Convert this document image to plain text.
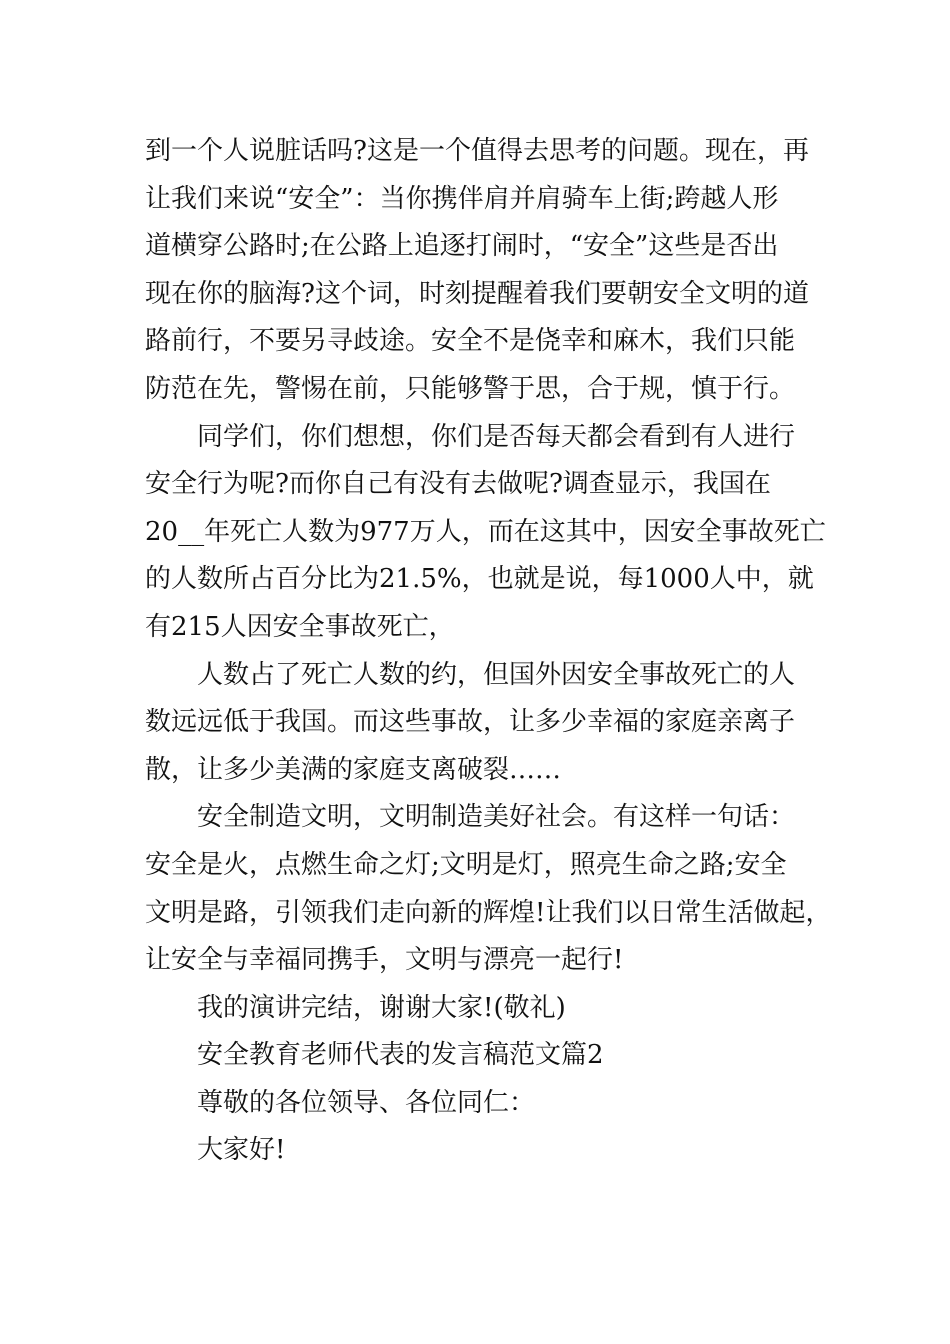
到一个人说脏话吗?这是一个值得去思考的问题。现在，再
让我们来说“安全”：当你携伴肩并肩骑车上街;跨越人形
道横穿公路时;在公路上追逐打闹时，“安全”这些是否出
现在你的脑海?这个词，时刻提醒着我们要朝安全文明的道
路前行，不要另寻歧途。安全不是侥幸和麻木，我们只能
防范在先，警惕在前，只能够警于思，合于规，慎于行。

同学们，你们想想，你们是否每天都会看到有人进行
安全行为呢?而你自己有没有去做呢?调查显示，我国在
20__年死亡人数为977万人，而在这其中，因安全事故死亡
的人数所占百分比为21.5%，也就是说，每1000人中，就
有215人因安全事故死亡，

人数占了死亡人数的约，但国外因安全事故死亡的人
数远远低于我国。而这些事故，让多少幸福的家庭亲离子
散，让多少美满的家庭支离破裂……

安全制造文明，文明制造美好社会。有这样一句话：
安全是火，点燃生命之灯;文明是灯，照亮生命之路;安全
文明是路，引领我们走向新的辉煌!让我们以日常生活做起，
让安全与幸福同携手，文明与漂亮一起行!

我的演讲完结，谢谢大家!(敬礼)

安全教育老师代表的发言稿范文篇2

尊敬的各位领导、各位同仁：

大家好!
